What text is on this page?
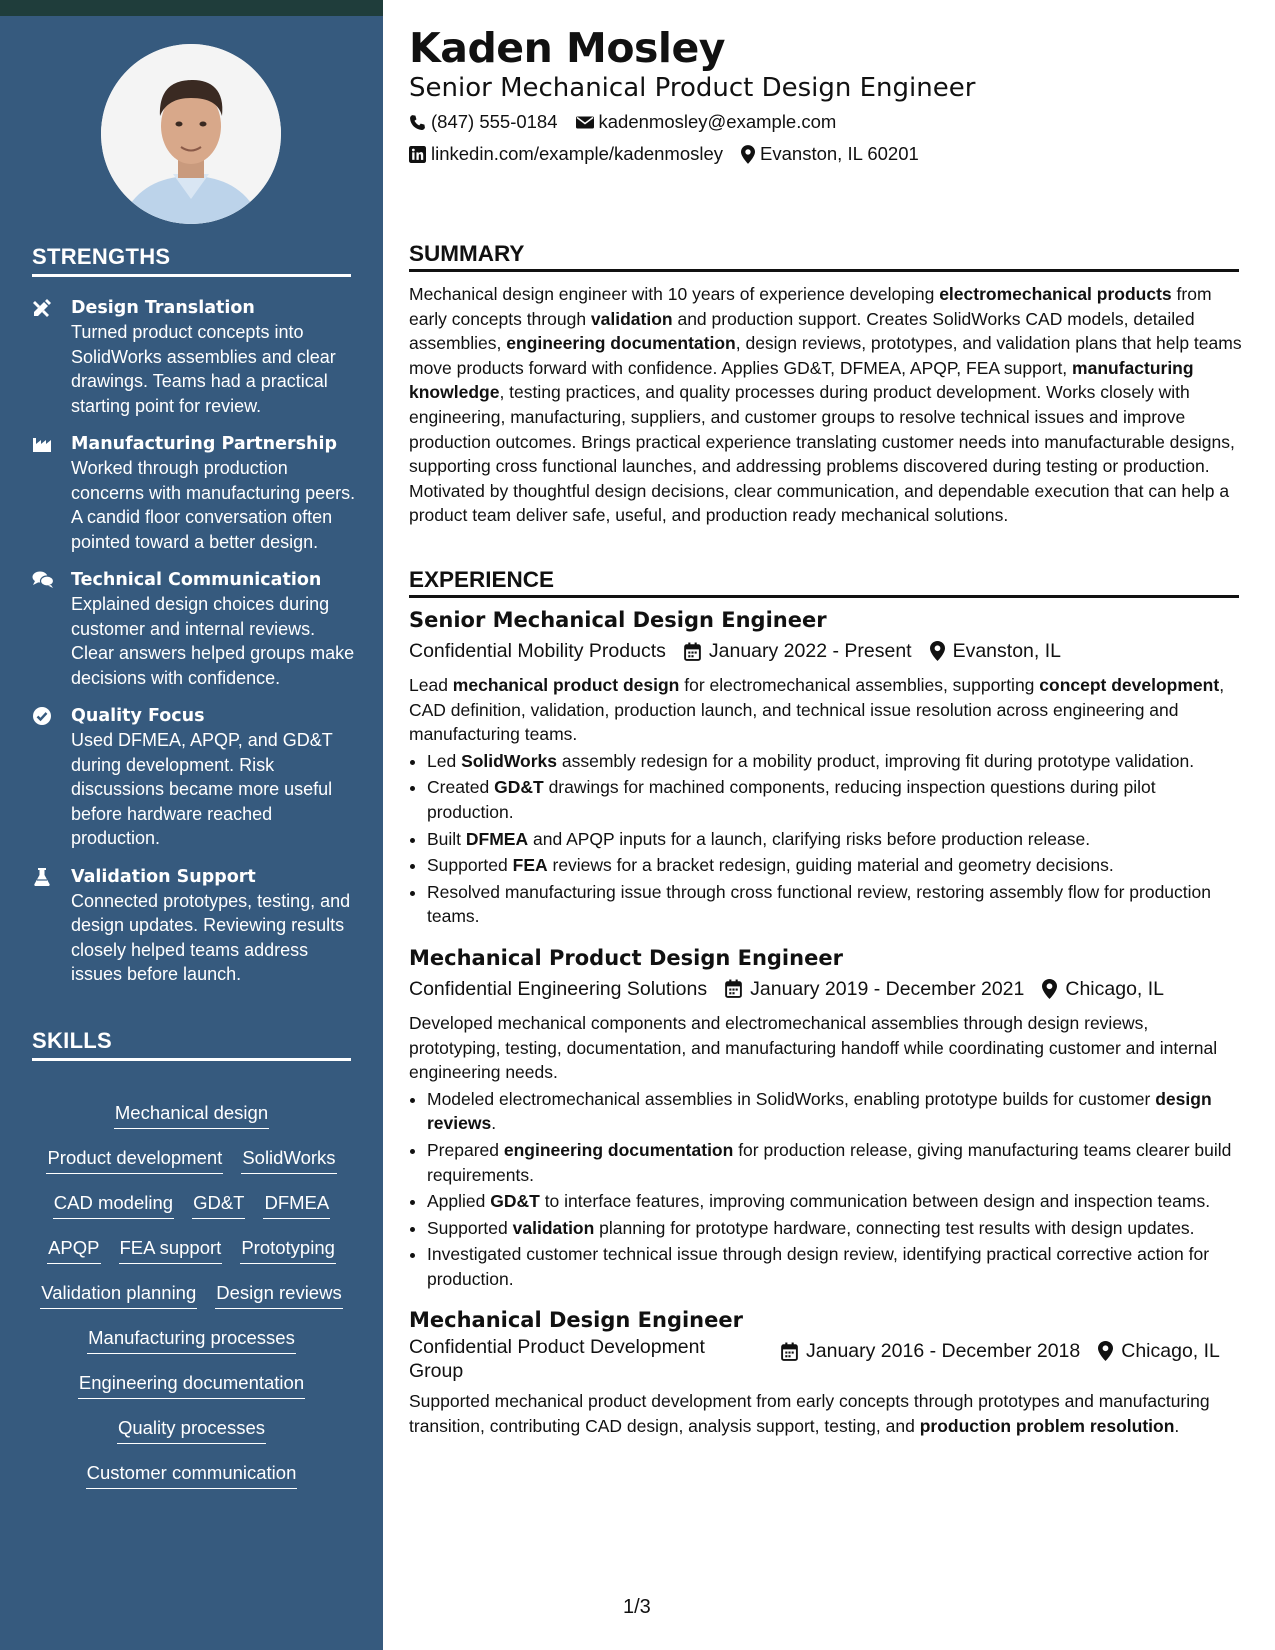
STRENGTHS
Design Translation
Turned product concepts into SolidWorks assemblies and clear drawings. Teams had a practical starting point for review.
Manufacturing Partnership
Worked through production concerns with manufacturing peers. A candid floor conversation often pointed toward a better design.
Technical Communication
Explained design choices during customer and internal reviews. Clear answers helped groups make decisions with confidence.
Quality Focus
Used DFMEA, APQP, and GD&T during development. Risk discussions became more useful before hardware reached production.
Validation Support
Connected prototypes, testing, and design updates. Reviewing results closely helped teams address issues before launch.
SKILLS
Mechanical design
Product development SolidWorks
CAD modeling GD&T DFMEA
APQP FEA support Prototyping
Validation planning Design reviews
Manufacturing processes
Engineering documentation
Quality processes
Customer communication
Kaden Mosley
Senior Mechanical Product Design Engineer
(847) 555-0184 kadenmosley@example.com
linkedin.com/example/kadenmosley Evanston, IL 60201
SUMMARY
Mechanical design engineer with 10 years of experience developing electromechanical products from early concepts through validation and production support. Creates SolidWorks CAD models, detailed assemblies, engineering documentation, design reviews, prototypes, and validation plans that help teams move products forward with confidence. Applies GD&T, DFMEA, APQP, FEA support, manufacturing knowledge, testing practices, and quality processes during product development. Works closely with engineering, manufacturing, suppliers, and customer groups to resolve technical issues and improve production outcomes. Brings practical experience translating customer needs into manufacturable designs, supporting cross functional launches, and addressing problems discovered during testing or production. Motivated by thoughtful design decisions, clear communication, and dependable execution that can help a product team deliver safe, useful, and production ready mechanical solutions.
EXPERIENCE
Senior Mechanical Design Engineer
Confidential Mobility Products January 2022 - Present Evanston, IL
Lead mechanical product design for electromechanical assemblies, supporting concept development, CAD definition, validation, production launch, and technical issue resolution across engineering and manufacturing teams.
• Led SolidWorks assembly redesign for a mobility product, improving fit during prototype validation.
• Created GD&T drawings for machined components, reducing inspection questions during pilot production.
• Built DFMEA and APQP inputs for a launch, clarifying risks before production release.
• Supported FEA reviews for a bracket redesign, guiding material and geometry decisions.
• Resolved manufacturing issue through cross functional review, restoring assembly flow for production teams.
Mechanical Product Design Engineer
Confidential Engineering Solutions January 2019 - December 2021 Chicago, IL
Developed mechanical components and electromechanical assemblies through design reviews, prototyping, testing, documentation, and manufacturing handoff while coordinating customer and internal engineering needs.
• Modeled electromechanical assemblies in SolidWorks, enabling prototype builds for customer design reviews.
• Prepared engineering documentation for production release, giving manufacturing teams clearer build requirements.
• Applied GD&T to interface features, improving communication between design and inspection teams.
• Supported validation planning for prototype hardware, connecting test results with design updates.
• Investigated customer technical issue through design review, identifying practical corrective action for production.
Mechanical Design Engineer
Confidential Product Development Group
January 2016 - December 2018 Chicago, IL
Supported mechanical product development from early concepts through prototypes and manufacturing transition, contributing CAD design, analysis support, testing, and production problem resolution.
1/3
